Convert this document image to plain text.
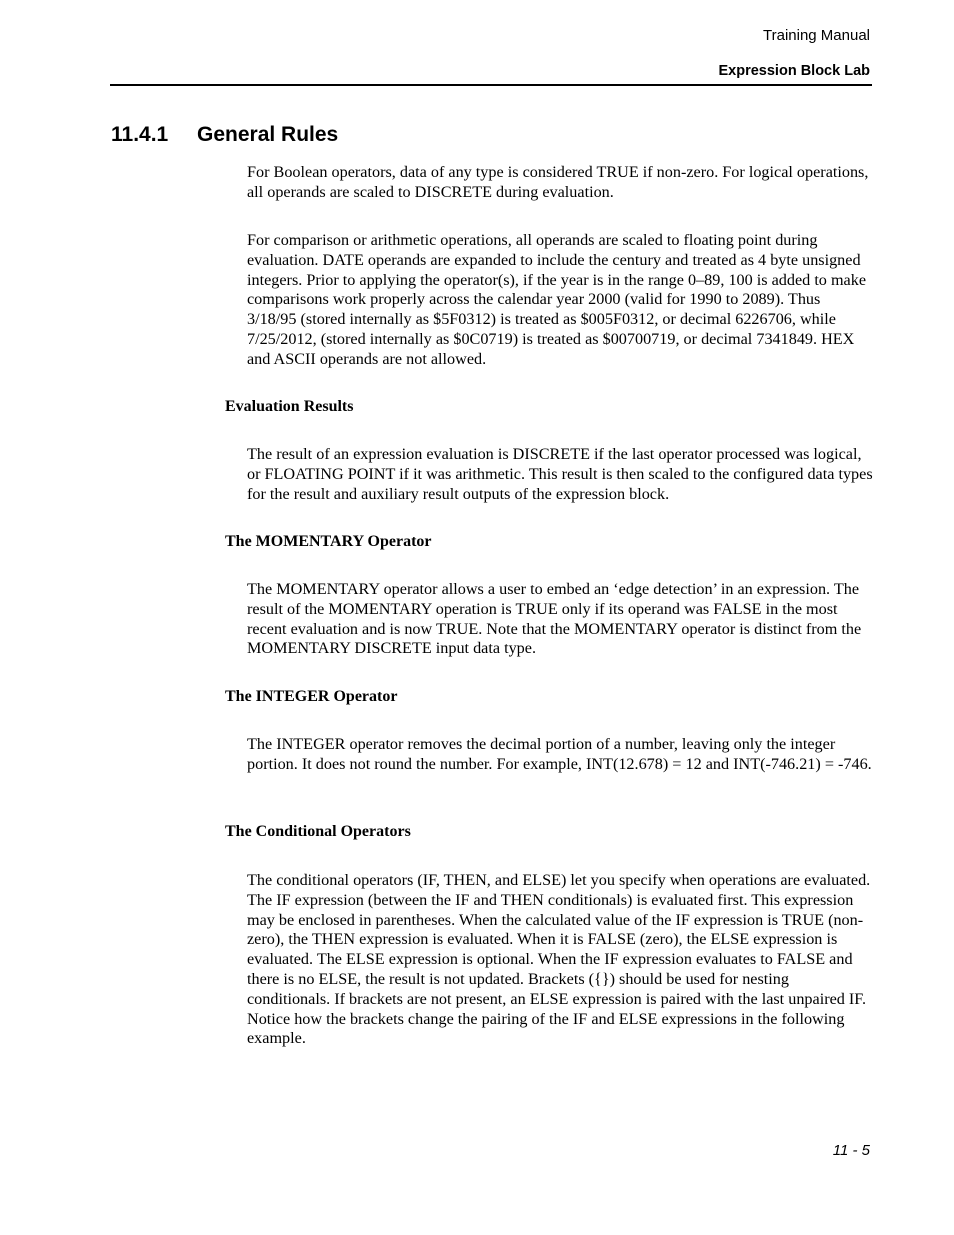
Training Manual
Expression Block Lab
11.4.1 General Rules

For Boolean operators, data of any type is considered TRUE if non-zero. For logical operations, all operands are scaled to DISCRETE during evaluation.

For comparison or arithmetic operations, all operands are scaled to floating point during evaluation. DATE operands are expanded to include the century and treated as 4 byte unsigned integers. Prior to applying the operator(s), if the year is in the range 0–89, 100 is added to make comparisons work properly across the calendar year 2000 (valid for 1990 to 2089). Thus 3/18/95 (stored internally as $5F0312) is treated as $005F0312, or decimal 6226706, while 7/25/2012, (stored internally as $0C0719) is treated as $00700719, or decimal 7341849. HEX and ASCII operands are not allowed.

Evaluation Results

The result of an expression evaluation is DISCRETE if the last operator processed was logical, or FLOATING POINT if it was arithmetic. This result is then scaled to the configured data types for the result and auxiliary result outputs of the expression block.

The MOMENTARY Operator

The MOMENTARY operator allows a user to embed an ‘edge detection’ in an expression. The result of the MOMENTARY operation is TRUE only if its operand was FALSE in the most recent evaluation and is now TRUE. Note that the MOMENTARY operator is distinct from the MOMENTARY DISCRETE input data type.

The INTEGER Operator

The INTEGER operator removes the decimal portion of a number, leaving only the integer portion. It does not round the number. For example, INT(12.678) = 12 and INT(-746.21) = -746.

The Conditional Operators

The conditional operators (IF, THEN, and ELSE) let you specify when operations are evaluated. The IF expression (between the IF and THEN conditionals) is evaluated first. This expression may be enclosed in parentheses. When the calculated value of the IF expression is TRUE (non-zero), the THEN expression is evaluated. When it is FALSE (zero), the ELSE expression is evaluated. The ELSE expression is optional. When the IF expression evaluates to FALSE and there is no ELSE, the result is not updated. Brackets ({}) should be used for nesting conditionals. If brackets are not present, an ELSE expression is paired with the last unpaired IF. Notice how the brackets change the pairing of the IF and ELSE expressions in the following example.

11 - 5
